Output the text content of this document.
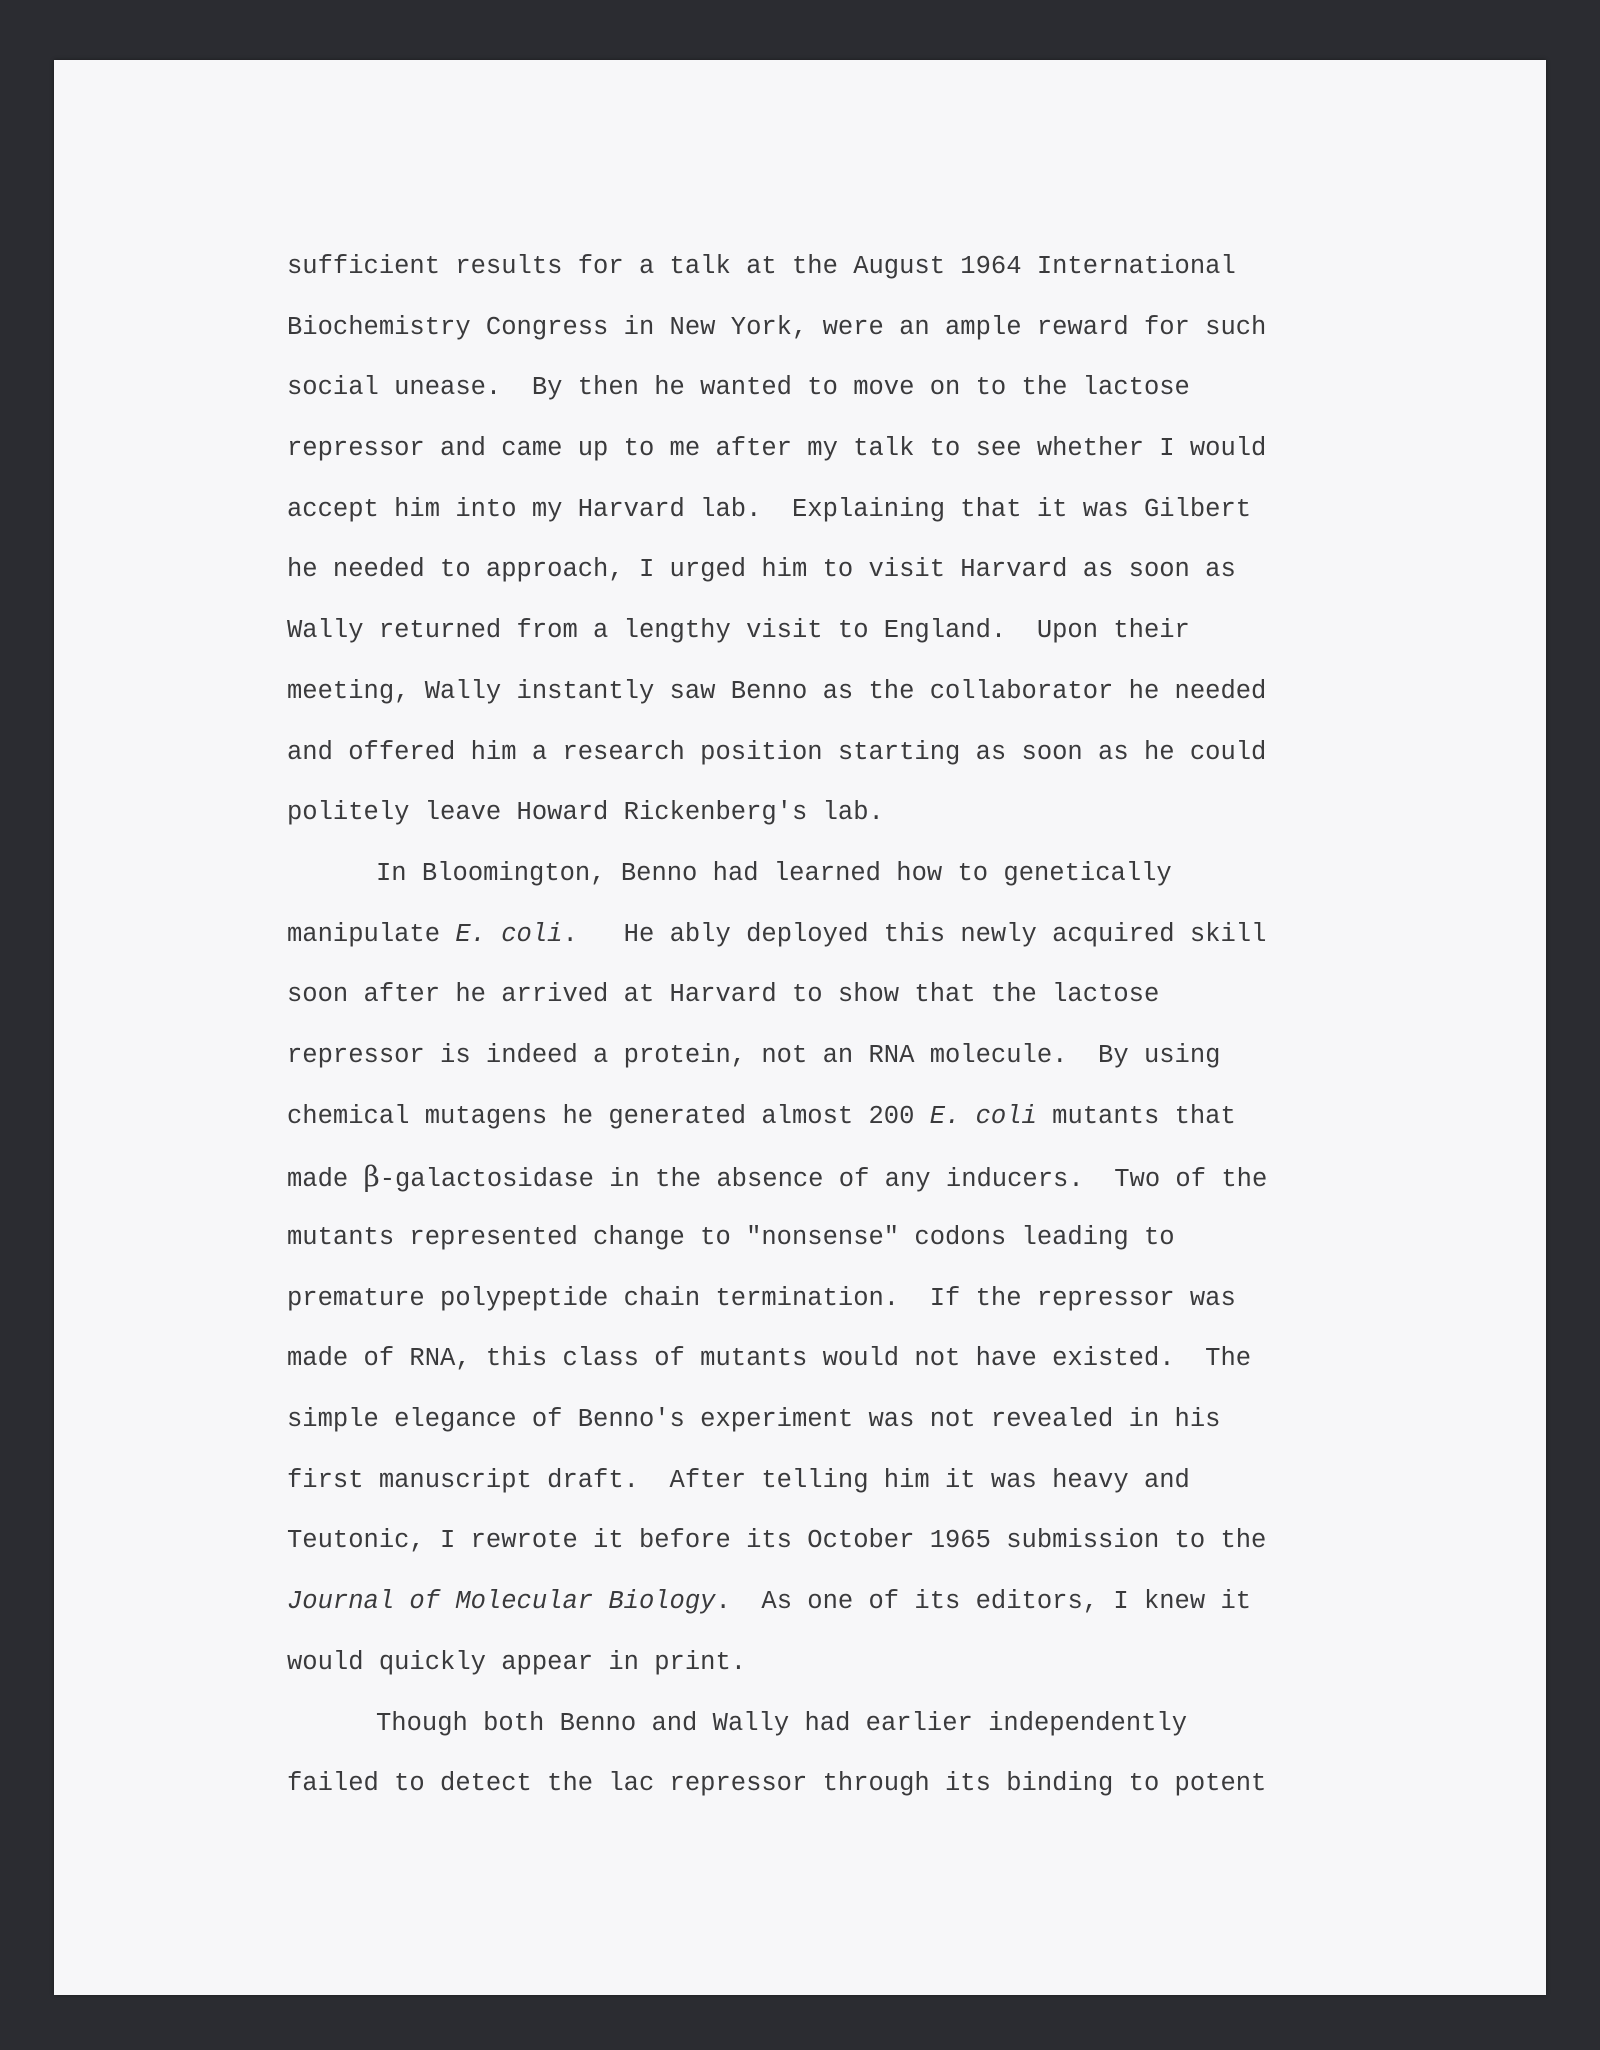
sufficient results for a talk at the August 1964 International
Biochemistry Congress in New York, were an ample reward for such
social unease.  By then he wanted to move on to the lactose
repressor and came up to me after my talk to see whether I would
accept him into my Harvard lab.  Explaining that it was Gilbert
he needed to approach, I urged him to visit Harvard as soon as
Wally returned from a lengthy visit to England.  Upon their
meeting, Wally instantly saw Benno as the collaborator he needed
and offered him a research position starting as soon as he could
politely leave Howard Rickenberg's lab.
In Bloomington, Benno had learned how to genetically
manipulate E. coli.   He ably deployed this newly acquired skill
soon after he arrived at Harvard to show that the lactose
repressor is indeed a protein, not an RNA molecule.  By using
chemical mutagens he generated almost 200 E. coli mutants that
made β-galactosidase in the absence of any inducers.  Two of the
mutants represented change to "nonsense" codons leading to
premature polypeptide chain termination.  If the repressor was
made of RNA, this class of mutants would not have existed.  The
simple elegance of Benno's experiment was not revealed in his
first manuscript draft.  After telling him it was heavy and
Teutonic, I rewrote it before its October 1965 submission to the
Journal of Molecular Biology.  As one of its editors, I knew it
would quickly appear in print.
Though both Benno and Wally had earlier independently
failed to detect the lac repressor through its binding to potent
